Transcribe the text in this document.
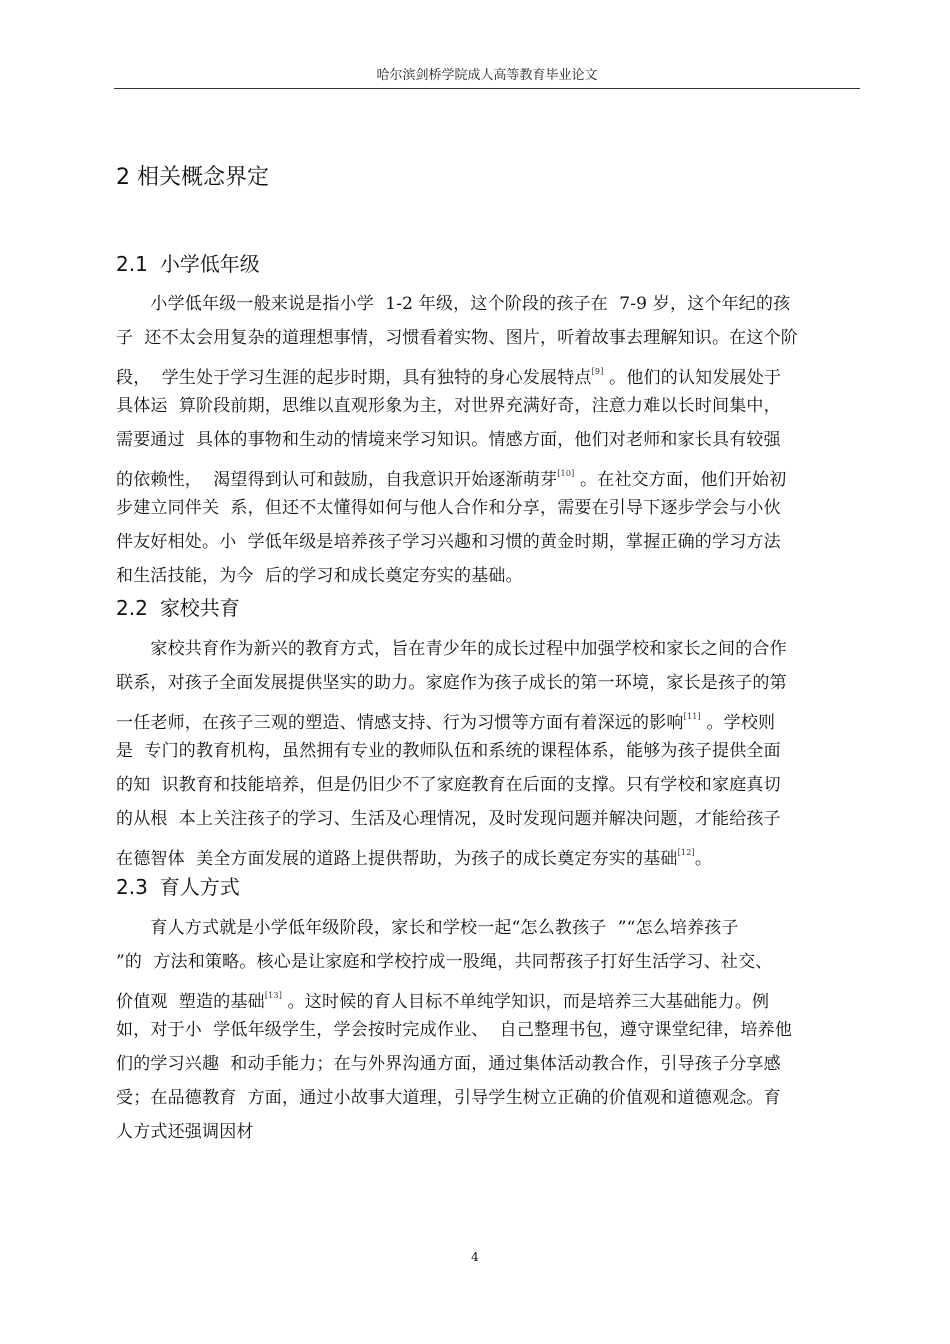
哈尔滨剑桥学院成人高等教育毕业论文
2 相关概念界定
2.1 小学低年级
　　小学低年级一般来说是指小学  1-2 年级，这个阶段的孩子在  7-9 岁，这个年纪的孩
子  还不太会用复杂的道理想事情，习惯看着实物、图片，听着故事去理解知识。在这个阶
段，  学生处于学习生涯的起步时期，具有独特的身心发展特点[9] 。他们的认知发展处于
具体运  算阶段前期，思维以直观形象为主，对世界充满好奇，注意力难以长时间集中，
需要通过  具体的事物和生动的情境来学习知识。情感方面，他们对老师和家长具有较强
的依赖性，  渴望得到认可和鼓励，自我意识开始逐渐萌芽[10] 。在社交方面，他们开始初
步建立同伴关  系，但还不太懂得如何与他人合作和分享，需要在引导下逐步学会与小伙
伴友好相处。小  学低年级是培养孩子学习兴趣和习惯的黄金时期，掌握正确的学习方法
和生活技能，为今  后的学习和成长奠定夯实的基础。
2.2 家校共育
　　家校共育作为新兴的教育方式，旨在青少年的成长过程中加强学校和家长之间的合作
联系，对孩子全面发展提供坚实的助力。家庭作为孩子成长的第一环境，家长是孩子的第
一任老师，在孩子三观的塑造、情感支持、行为习惯等方面有着深远的影响[11] 。学校则
是  专门的教育机构，虽然拥有专业的教师队伍和系统的课程体系，能够为孩子提供全面
的知  识教育和技能培养，但是仍旧少不了家庭教育在后面的支撑。只有学校和家庭真切
的从根  本上关注孩子的学习、生活及心理情况，及时发现问题并解决问题，才能给孩子
在德智体  美全方面发展的道路上提供帮助，为孩子的成长奠定夯实的基础[12]。
2.3 育人方式
　　育人方式就是小学低年级阶段，家长和学校一起“怎么教孩子  ”“怎么培养孩子
”的  方法和策略。核心是让家庭和学校拧成一股绳，共同帮孩子打好生活学习、社交、
价值观  塑造的基础[13] 。这时候的育人目标不单纯学知识，而是培养三大基础能力。例
如，对于小  学低年级学生，学会按时完成作业、  自己整理书包，遵守课堂纪律，培养他
们的学习兴趣  和动手能力；在与外界沟通方面，通过集体活动教合作，引导孩子分享感
受；在品德教育  方面，通过小故事大道理，引导学生树立正确的价值观和道德观念。育
人方式还强调因材
4
